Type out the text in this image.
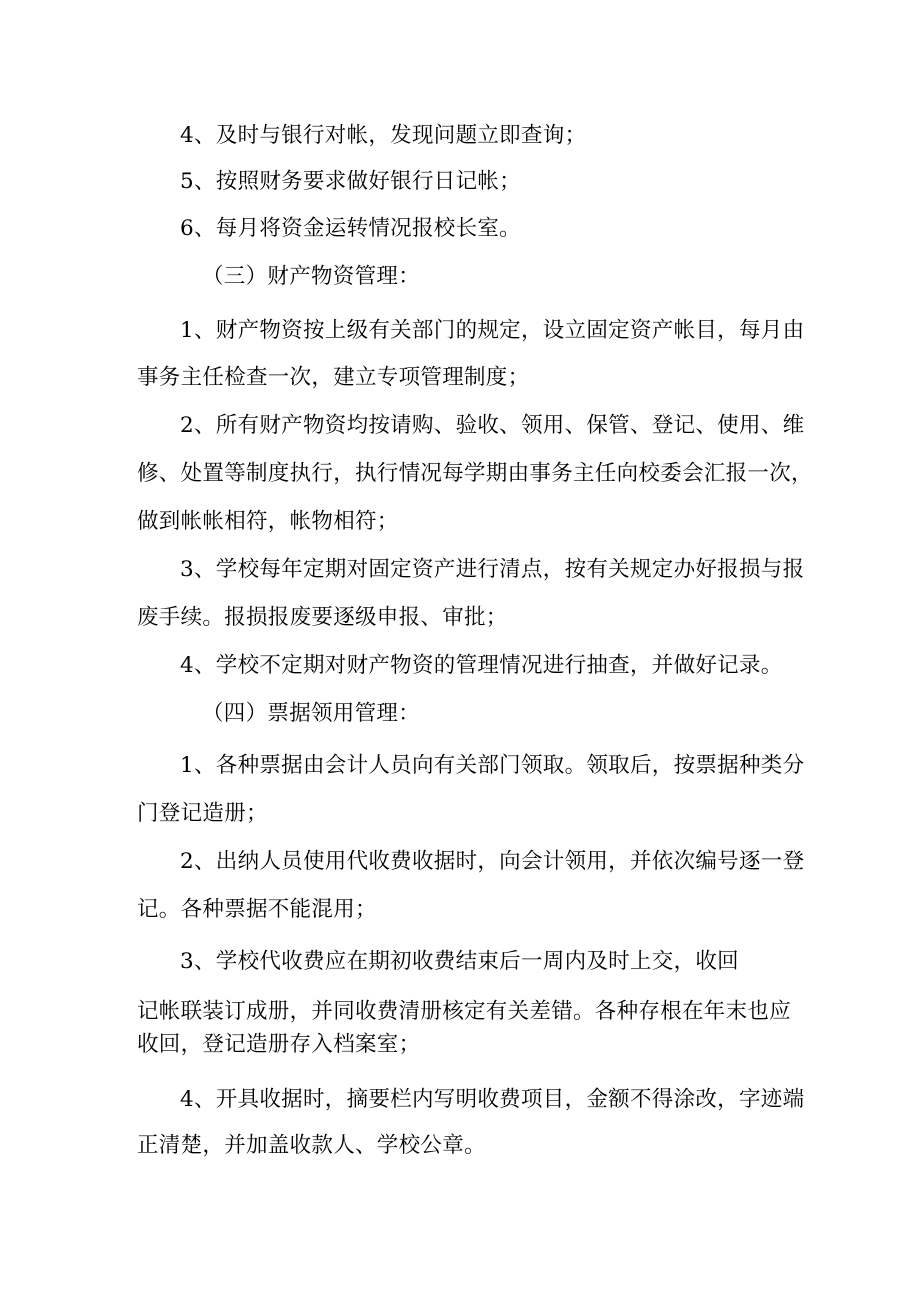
4、及时与银行对帐，发现问题立即查询；
5、按照财务要求做好银行日记帐；
6、每月将资金运转情况报校长室。
（三）财产物资管理：
1、财产物资按上级有关部门的规定，设立固定资产帐目，每月由
事务主任检查一次，建立专项管理制度；
2、所有财产物资均按请购、验收、领用、保管、登记、使用、维
修、处置等制度执行，执行情况每学期由事务主任向校委会汇报一次，
做到帐帐相符，帐物相符；
3、学校每年定期对固定资产进行清点，按有关规定办好报损与报
废手续。报损报废要逐级申报、审批；
4、学校不定期对财产物资的管理情况进行抽查，并做好记录。
（四）票据领用管理：
1、各种票据由会计人员向有关部门领取。领取后，按票据种类分
门登记造册；
2、出纳人员使用代收费收据时，向会计领用，并依次编号逐一登
记。各种票据不能混用；
3、学校代收费应在期初收费结束后一周内及时上交，收回
记帐联装订成册，并同收费清册核定有关差错。各种存根在年末也应
收回，登记造册存入档案室；
4、开具收据时，摘要栏内写明收费项目，金额不得涂改，字迹端
正清楚，并加盖收款人、学校公章。
